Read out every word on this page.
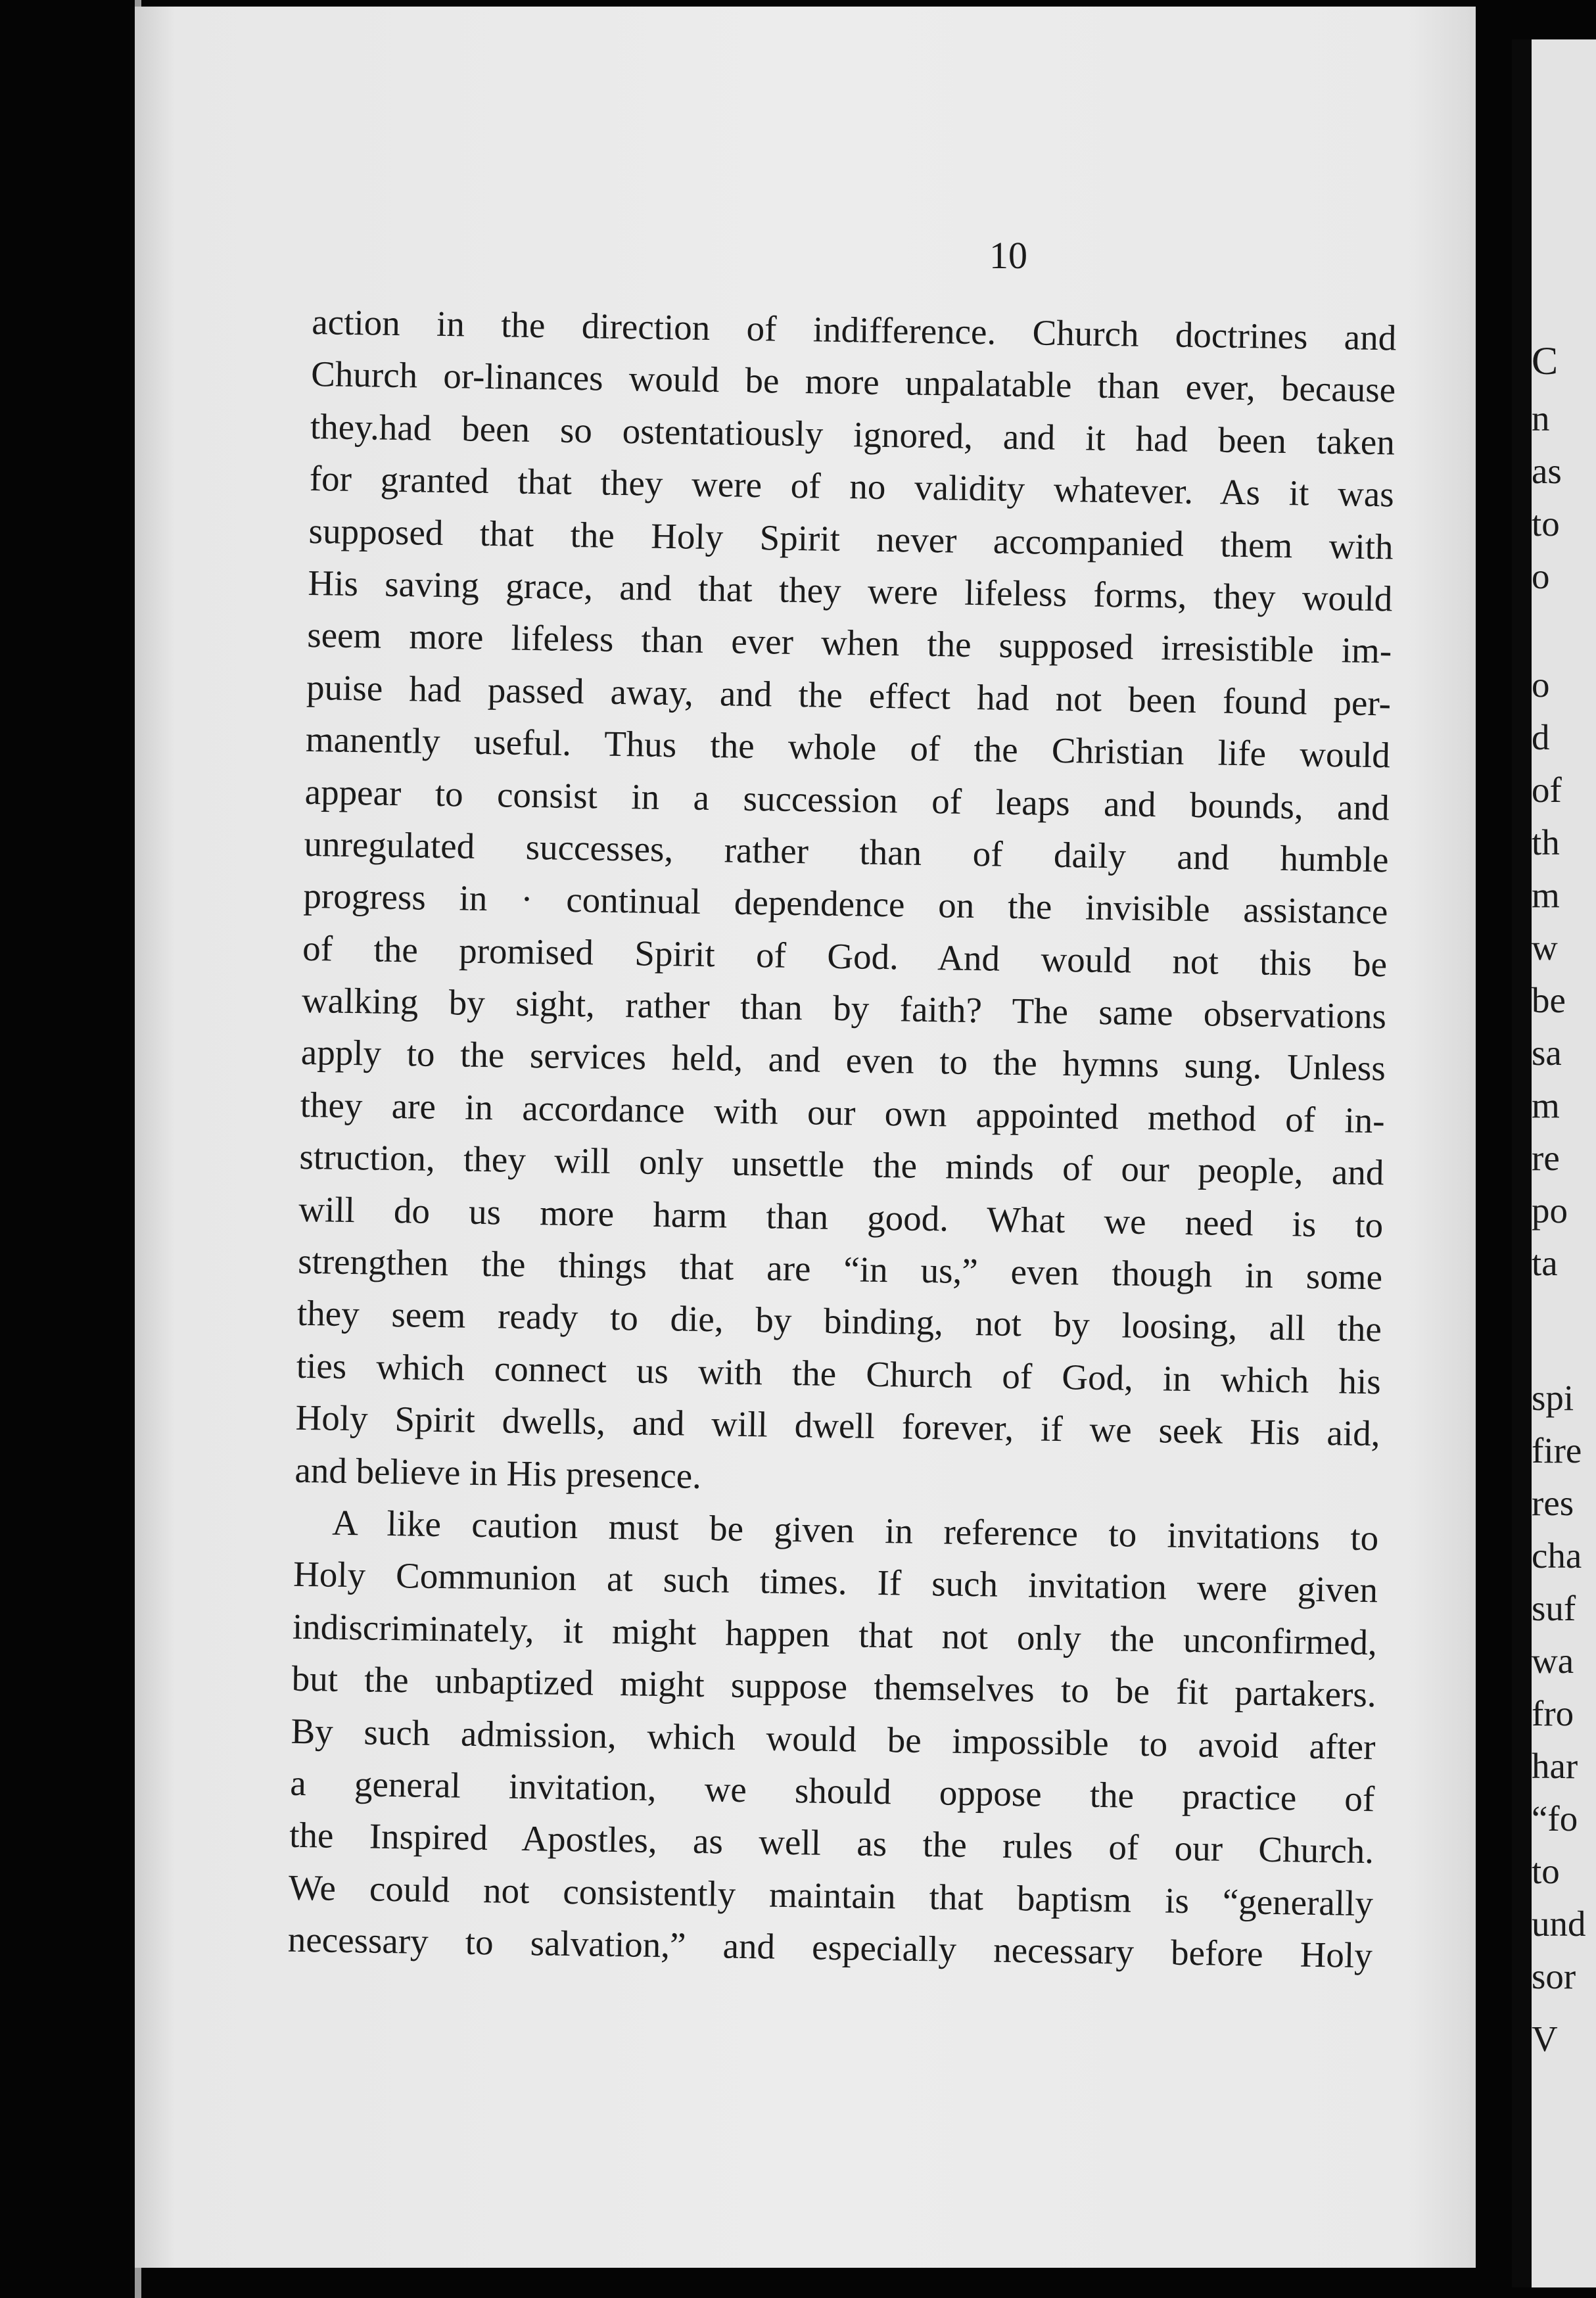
10
action in the direction of indifference. Church doctrines and
Church or-linances would be more unpalatable than ever, because
they.had been so ostentatiously ignored, and it had been taken
for granted that they were of no validity whatever. As it was
supposed that the Holy Spirit never accompanied them with
His saving grace, and that they were lifeless forms, they would
seem more lifeless than ever when the supposed irresistible im-
puise had passed away, and the effect had not been found per-
manently useful. Thus the whole of the Christian life would
appear to consist in a succession of leaps and bounds, and
unregulated successes, rather than of daily and humble
progress in · continual dependence on the invisible assistance
of the promised Spirit of God. And would not this be
walking by sight, rather than by faith? The same observations
apply to the services held, and even to the hymns sung. Unless
they are in accordance with our own appointed method of in-
struction, they will only unsettle the minds of our people, and
will do us more harm than good. What we need is to
strengthen the things that are “in us,” even though in some
they seem ready to die, by binding, not by loosing, all the
ties which connect us with the Church of God, in which his
Holy Spirit dwells, and will dwell forever, if we seek His aid,
and believe in His presence.
A like caution must be given in reference to invitations to
Holy Communion at such times. If such invitation were given
indiscriminately, it might happen that not only the unconfirmed,
but the unbaptized might suppose themselves to be fit partakers.
By such admission, which would be impossible to avoid after
a general invitation, we should oppose the practice of
the Inspired Apostles, as well as the rules of our Church.
We could not consistently maintain that baptism is “generally
necessary to salvation,” and especially necessary before Holy
C
n
as
to
o
o
d
of
th
m
w
be
sa
m
re
po
ta
spi
fire
res
cha
suf
wa
fro
har
“fo
to
und
sor
V
